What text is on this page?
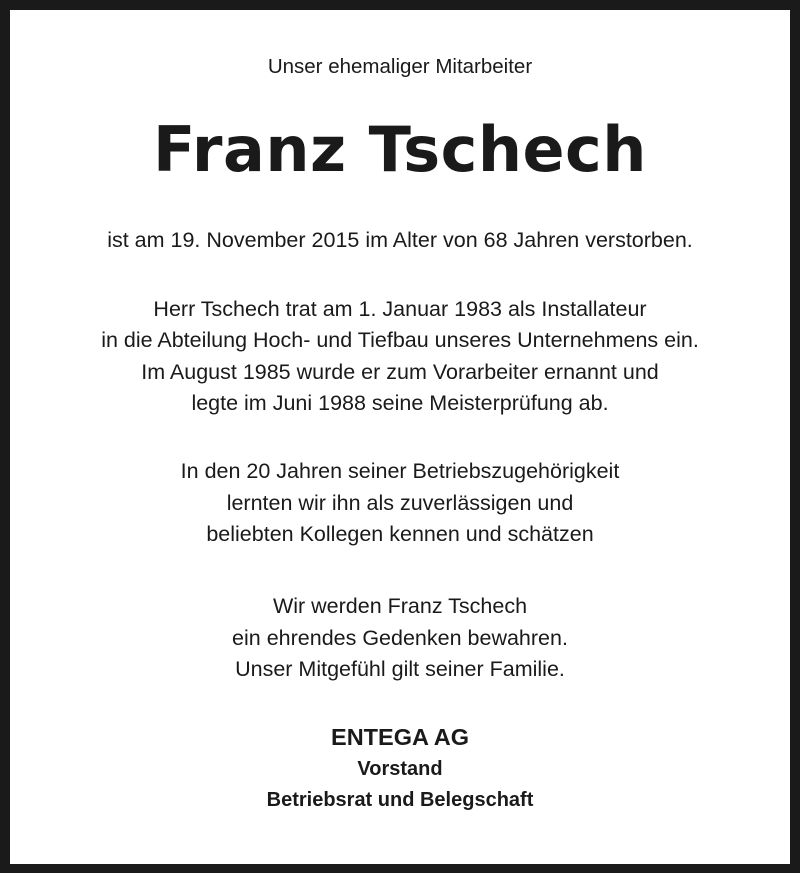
Unser ehemaliger Mitarbeiter
Franz Tschech
ist am 19. November 2015 im Alter von 68 Jahren verstorben.
Herr Tschech trat am 1. Januar 1983 als Installateur
in die Abteilung Hoch- und Tiefbau unseres Unternehmens ein.
Im August 1985 wurde er zum Vorarbeiter ernannt und
legte im Juni 1988 seine Meisterprüfung ab.
In den 20 Jahren seiner Betriebszugehörigkeit
lernten wir ihn als zuverlässigen und
beliebten Kollegen kennen und schätzen
Wir werden Franz Tschech
ein ehrendes Gedenken bewahren.
Unser Mitgefühl gilt seiner Familie.
ENTEGA AG
Vorstand
Betriebsrat und Belegschaft
